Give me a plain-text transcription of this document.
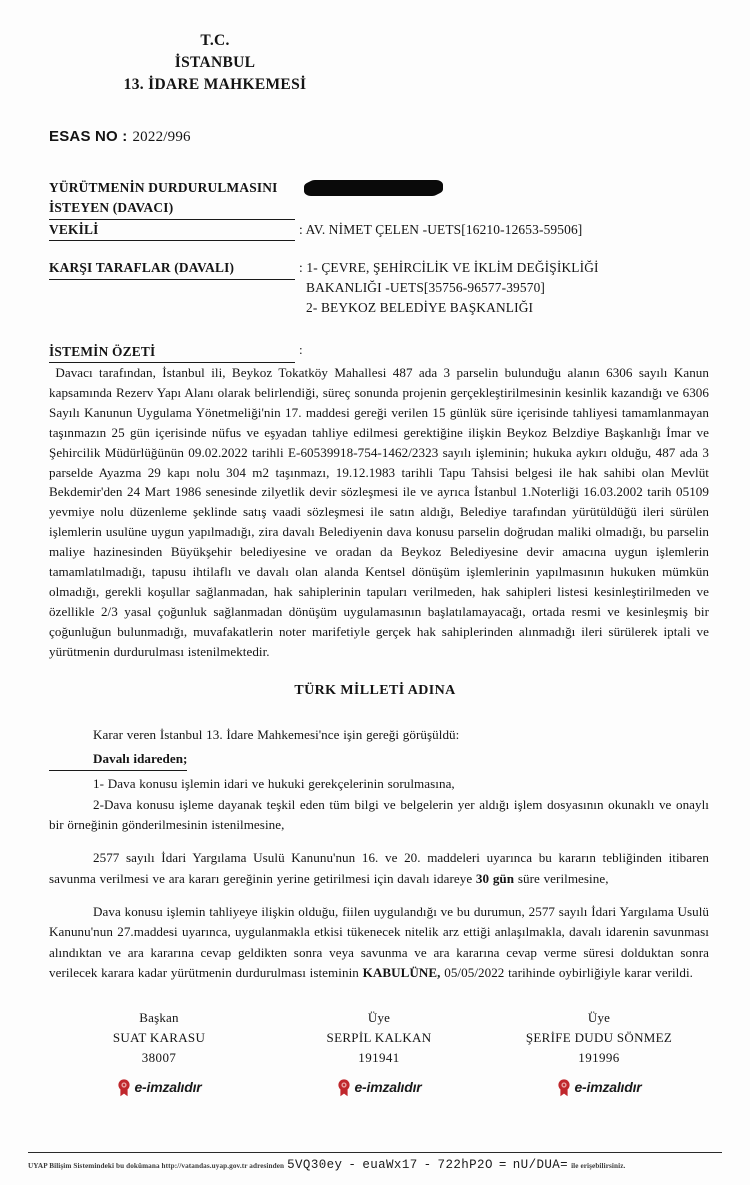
T.C.
İSTANBUL
13. İDARE MAHKEMESİ
ESAS NO : 2022/996
YÜRÜTMENİN DURDURULMASINI
İSTEYEN (DAVACI)
VEKİLİ	: AV. NİMET ÇELEN -UETS[16210-12653-59506]
KARŞI TARAFLAR (DAVALI)	: 1- ÇEVRE, ŞEHİRCİLİK VE İKLİM DEĞİŞİKLİĞİ
BAKANLIĞI -UETS[35756-96577-39570]
2- BEYKOZ BELEDİYE BAŞKANLIĞI
İSTEMİN ÖZETİ	:
Davacı tarafından, İstanbul ili, Beykoz Tokatköy Mahallesi 487 ada 3 parselin bulunduğu alanın 6306 sayılı Kanun kapsamında Rezerv Yapı Alanı olarak belirlendiği, süreç sonunda projenin gerçekleştirilmesinin kesinlik kazandığı ve 6306 Sayılı Kanunun Uygulama Yönetmeliği'nin 17. maddesi gereği verilen 15 günlük süre içerisinde tahliyesi tamamlanmayan taşınmazın 25 gün içerisinde nüfus ve eşyadan tahliye edilmesi gerektiğine ilişkin Beykoz Belzdiye Başkanlığı İmar ve Şehircilik Müdürlüğünün 09.02.2022 tarihli E-60539918-754-1462/2323 sayılı işleminin; hukuka aykırı olduğu, 487 ada 3 parselde Ayazma 29 kapı nolu 304 m2 taşınmazı, 19.12.1983 tarihli Tapu Tahsisi belgesi ile hak sahibi olan Mevlüt Bekdemir'den 24 Mart 1986 senesinde zilyetlik devir sözleşmesi ile ve ayrıca İstanbul 1.Noterliği 16.03.2002 tarih 05109 yevmiye nolu düzenleme şeklinde satış vaadi sözleşmesi ile satın aldığı, Belediye tarafından yürütüldüğü ileri sürülen işlemlerin usulüne uygun yapılmadığı, zira davalı Belediyenin dava konusu parselin doğrudan maliki olmadığı, bu parselin maliye hazinesinden Büyükşehir belediyesine ve oradan da Beykoz Belediyesine devir amacına uygun işlemlerin tamamlatılmadığı, tapusu ihtilaflı ve davalı olan alanda Kentsel dönüşüm işlemlerinin yapılmasının hukuken mümkün olmadığı, gerekli koşullar sağlanmadan, hak sahiplerinin tapuları verilmeden, hak sahipleri listesi kesinleştirilmeden ve özellikle 2/3 yasal çoğunluk sağlanmadan dönüşüm uygulamasının başlatılamayacağı, ortada resmi ve kesinleşmiş bir çoğunluğun bulunmadığı, muvafakatlerin noter marifetiyle gerçek hak sahiplerinden alınmadığı ileri sürülerek iptali ve yürütmenin durdurulması istenilmektedir.
TÜRK MİLLETİ ADINA

Karar veren İstanbul 13. İdare Mahkemesi'nce işin gereği görüşüldü:

Davalı idareden;

1- Dava konusu işlemin idari ve hukuki gerekçelerinin sorulmasına,

2-Dava konusu işleme dayanak teşkil eden tüm bilgi ve belgelerin yer aldığı işlem dosyasının okunaklı ve onaylı bir örneğinin gönderilmesinin istenilmesine,

2577 sayılı İdari Yargılama Usulü Kanunu'nun 16. ve 20. maddeleri uyarınca bu kararın tebliğinden itibaren savunma verilmesi ve ara kararı gereğinin yerine getirilmesi için davalı idareye 30 gün süre verilmesine,

Dava konusu işlemin tahliyeye ilişkin olduğu, fiilen uygulandığı ve bu durumun, 2577 sayılı İdari Yargılama Usulü Kanunu'nun 27.maddesi uyarınca, uygulanmakla etkisi tükenecek nitelik arz ettiği anlaşılmakla, davalı idarenin savunması alındıktan ve ara kararına cevap geldikten sonra veya savunma ve ara kararına cevap verme süresi dolduktan sonra verilecek karara kadar yürütmenin durdurulması isteminin KABULÜNE, 05/05/2022 tarihinde oybirliğiyle karar verildi.

Başkan
SUAT KARASU
38007
e-imzalıdır
Üye
SERPİL KALKAN
191941
e-imzalıdır
Üye
ŞERİFE DUDU SÖNMEZ
191996
e-imzalıdır
UYAP Bilişim Sistemindeki bu dokümana http://vatandas.uyap.gov.tr adresinden 5VQ30ey - euaWx17 - 722hP2O = nU/DUA= ile erişebilirsiniz.
